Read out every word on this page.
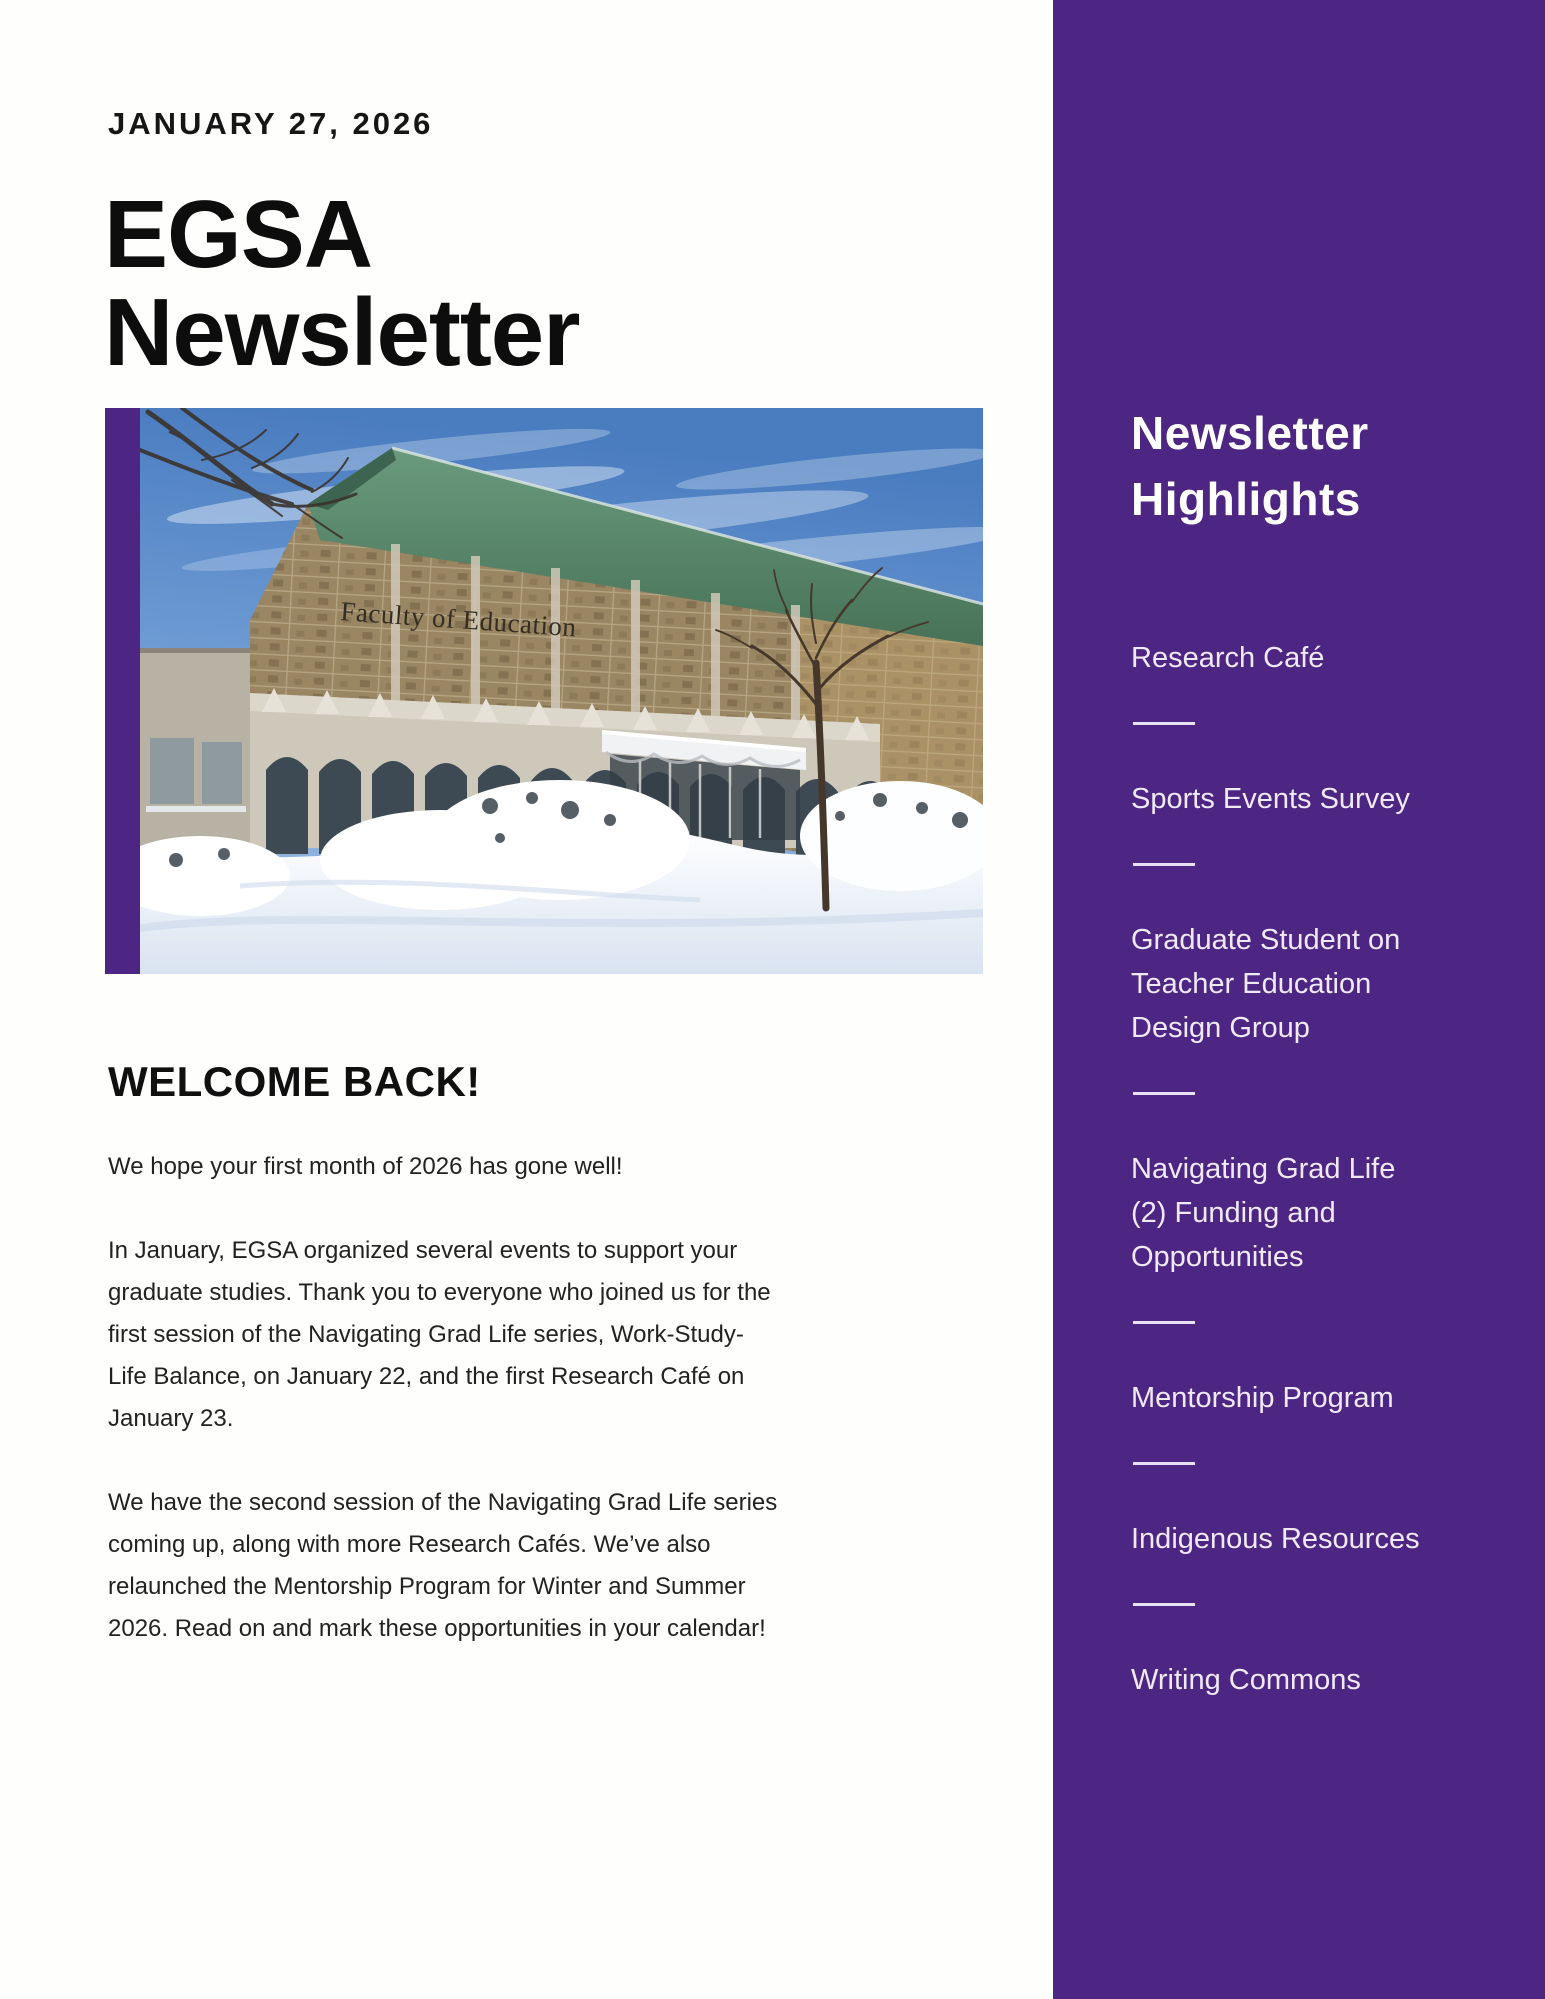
JANUARY 27, 2026
EGSA
Newsletter
Faculty of Education
WELCOME BACK!

We hope your first month of 2026 has gone well!

In January, EGSA organized several events to support your graduate studies. Thank you to everyone who joined us for the first session of the Navigating Grad Life series, Work-Study-Life Balance, on January 22, and the first Research Café on January 23.

We have the second session of the Navigating Grad Life series coming up, along with more Research Cafés. We’ve also relaunched the Mentorship Program for Winter and Summer 2026. Read on and mark these opportunities in your calendar!

Newsletter
Highlights
Research Café
Sports Events Survey
Graduate Student on Teacher Education Design Group
Navigating Grad Life (2) Funding and Opportunities
Mentorship Program
Indigenous Resources
Writing Commons
